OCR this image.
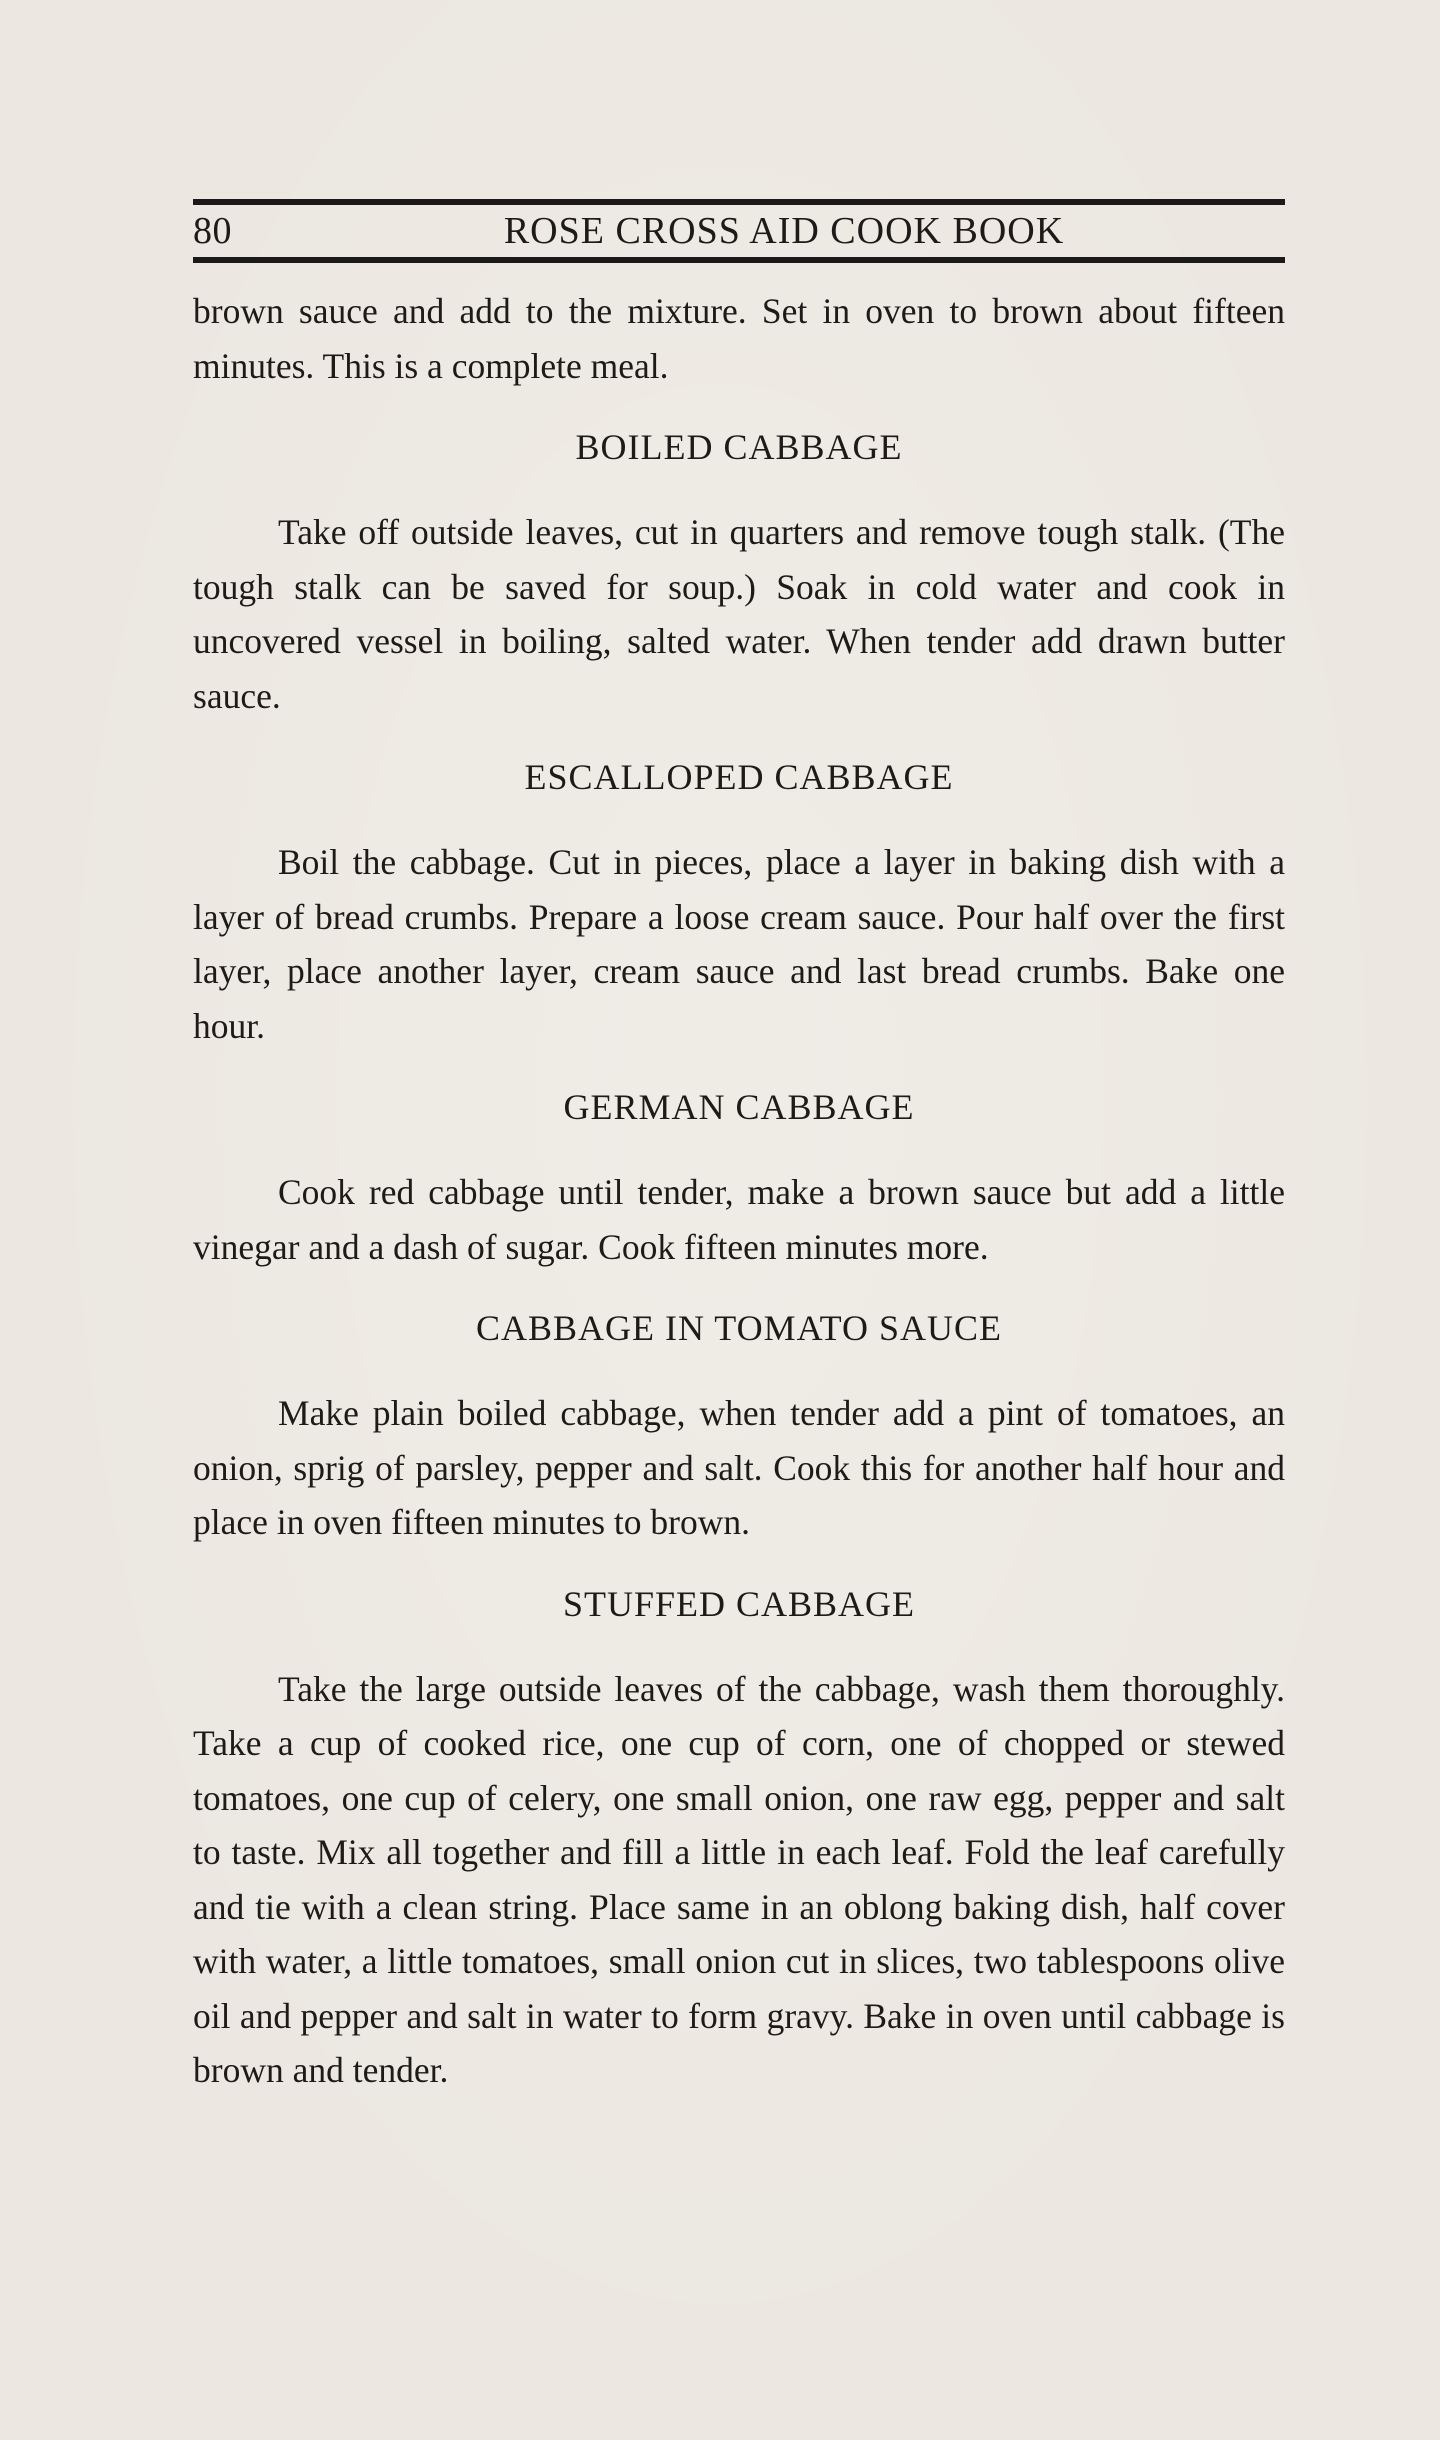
80	ROSE CROSS AID COOK BOOK

brown sauce and add to the mixture. Set in oven to brown about fifteen minutes. This is a complete meal.

BOILED CABBAGE

Take off outside leaves, cut in quarters and remove tough stalk. (The tough stalk can be saved for soup.) Soak in cold water and cook in uncovered vessel in boiling, salted water. When tender add drawn butter sauce.

ESCALLOPED CABBAGE

Boil the cabbage. Cut in pieces, place a layer in baking dish with a layer of bread crumbs. Prepare a loose cream sauce. Pour half over the first layer, place another layer, cream sauce and last bread crumbs. Bake one hour.

GERMAN CABBAGE

Cook red cabbage until tender, make a brown sauce but add a little vinegar and a dash of sugar. Cook fifteen minutes more.

CABBAGE IN TOMATO SAUCE

Make plain boiled cabbage, when tender add a pint of tomatoes, an onion, sprig of parsley, pepper and salt. Cook this for another half hour and place in oven fifteen minutes to brown.

STUFFED CABBAGE

Take the large outside leaves of the cabbage, wash them thoroughly. Take a cup of cooked rice, one cup of corn, one of chopped or stewed tomatoes, one cup of celery, one small onion, one raw egg, pepper and salt to taste. Mix all together and fill a little in each leaf. Fold the leaf carefully and tie with a clean string. Place same in an oblong baking dish, half cover with water, a little tomatoes, small onion cut in slices, two tablespoons olive oil and pepper and salt in water to form gravy. Bake in oven until cabbage is brown and tender.
